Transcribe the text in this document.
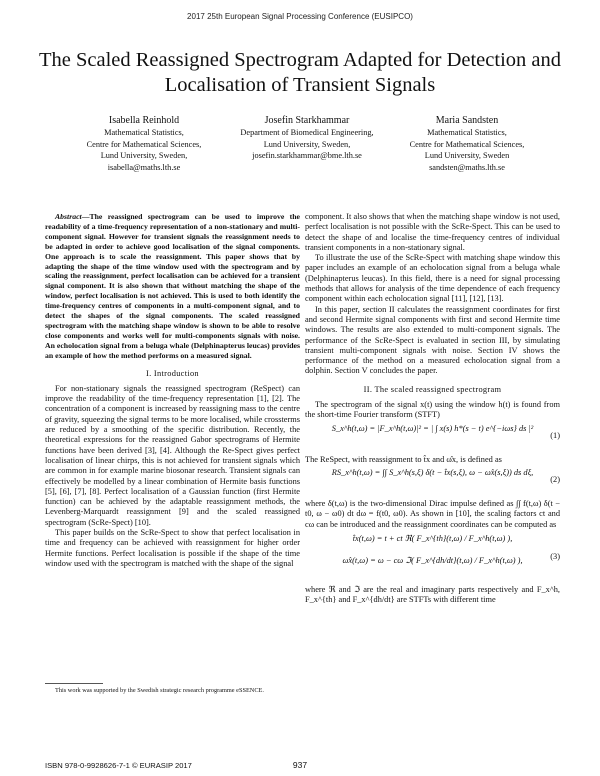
2017 25th European Signal Processing Conference (EUSIPCO)
The Scaled Reassigned Spectrogram Adapted for Detection and Localisation of Transient Signals
Isabella Reinhold
Mathematical Statistics,
Centre for Mathematical Sciences,
Lund University, Sweden,
isabella@maths.lth.se
Josefin Starkhammar
Department of Biomedical Engineering,
Lund University, Sweden,
josefin.starkhammar@bme.lth.se
Maria Sandsten
Mathematical Statistics,
Centre for Mathematical Sciences,
Lund University, Sweden
sandsten@maths.lth.se

Abstract—The reassigned spectrogram can be used to improve the readability of a time-frequency representation of a non-stationary and multi-component signal. However for transient signals the reassignment needs to be adapted in order to achieve good localisation of the signal components. One approach is to scale the reassignment. This paper shows that by adapting the shape of the time window used with the spectrogram and by scaling the reassignment, perfect localisation can be achieved for a transient signal component. It is also shown that without matching the shape of the window, perfect localisation is not achieved. This is used to both identify the time-frequency centres of components in a multi-component signal, and to detect the shapes of the signal components. The scaled reassigned spectrogram with the matching shape window is shown to be able to resolve close components and works well for multi-components signals with noise. An echolocation signal from a beluga whale (Delphinapterus leucas) provides an example of how the method performs on a measured signal.

I. Introduction

For non-stationary signals the reassigned spectrogram (ReSpect) can improve the readability of the time-frequency representation [1], [2]. The concentration of a component is increased by reassigning mass to the centre of gravity, squeezing the signal terms to be more localised, while crossterms are reduced by a smoothing of the specific distribution. Recently, the theoretical expressions for the reassigned Gabor spectrograms of Hermite functions have been derived [3], [4]. Although the Re-Spect gives perfect localisation of linear chirps, this is not achieved for transient signals which are common in for example marine biosonar research. Transient signals can effectively be modelled by a linear combination of Hermite basis functions [5], [6], [7], [8]. Perfect localisation of a Gaussian function (first Hermite function) can be achieved by the adaptable reassignment methods, the Levenberg-Marquardt reassignment [9] and the scaled reassigned spectrogram (ScRe-Spect) [10].

This paper builds on the ScRe-Spect to show that perfect localisation in time and frequency can be achieved with reassignment for higher order Hermite functions. Perfect localisation is possible if the shape of the time window used with the spectrogram is matched with the shape of the signal

This work was supported by the Swedish strategic research programme eSSENCE.

component. It also shows that when the matching shape window is not used, perfect localisation is not possible with the ScRe-Spect. This can be used to detect the shape of and localise the time-frequency centres of individual transient components in a non-stationary signal.

To illustrate the use of the ScRe-Spect with matching shape window this paper includes an example of an echolocation signal from a beluga whale (Delphinapterus leucas). In this field, there is a need for signal processing methods that allows for analysis of the time dependence of each frequency component within each echolocation signal [11], [12], [13].

In this paper, section II calculates the reassignment coordinates for first and second Hermite signal components with first and second Hermite time windows. The results are also extended to multi-component signals. The performance of the ScRe-Spect is evaluated in section III, by simulating transient multi-component signals with noise. Section IV shows the performance of the method on a measured echolocation signal from a dolphin. Section V concludes the paper.

II. The scaled reassigned spectrogram

The spectrogram of the signal x(t) using the window h(t) is found from the short-time Fourier transform (STFT)

S_x^h(t,ω) = |F_x^h(t,ω)|² = | ∫ x(s) h*(s − t) e^{−iωs} ds |²
(1)

The ReSpect, with reassignment to t̂x and ω̂x, is defined as

RS_x^h(t,ω) = ∫∫ S_x^h(s,ξ) δ(t − t̂x(s,ξ), ω − ω̂x(s,ξ)) ds dξ,
(2)

where δ(t,ω) is the two-dimensional Dirac impulse defined as ∫∫ f(t,ω) δ(t − t0, ω − ω0) dt dω = f(t0, ω0). As shown in [10], the scaling factors ct and cω can be introduced and the reassignment coordinates can be computed as

t̂x(t,ω) = t + ct ℜ( F_x^{th}(t,ω) / F_x^h(t,ω) ),
ω̂x(t,ω) = ω − cω ℑ( F_x^{dh/dt}(t,ω) / F_x^h(t,ω) ),	(3)

where ℜ and ℑ are the real and imaginary parts respectively and F_x^h, F_x^{th} and F_x^{dh/dt} are STFTs with different time

ISBN 978-0-9928626-7-1 © EURASIP 2017	937
